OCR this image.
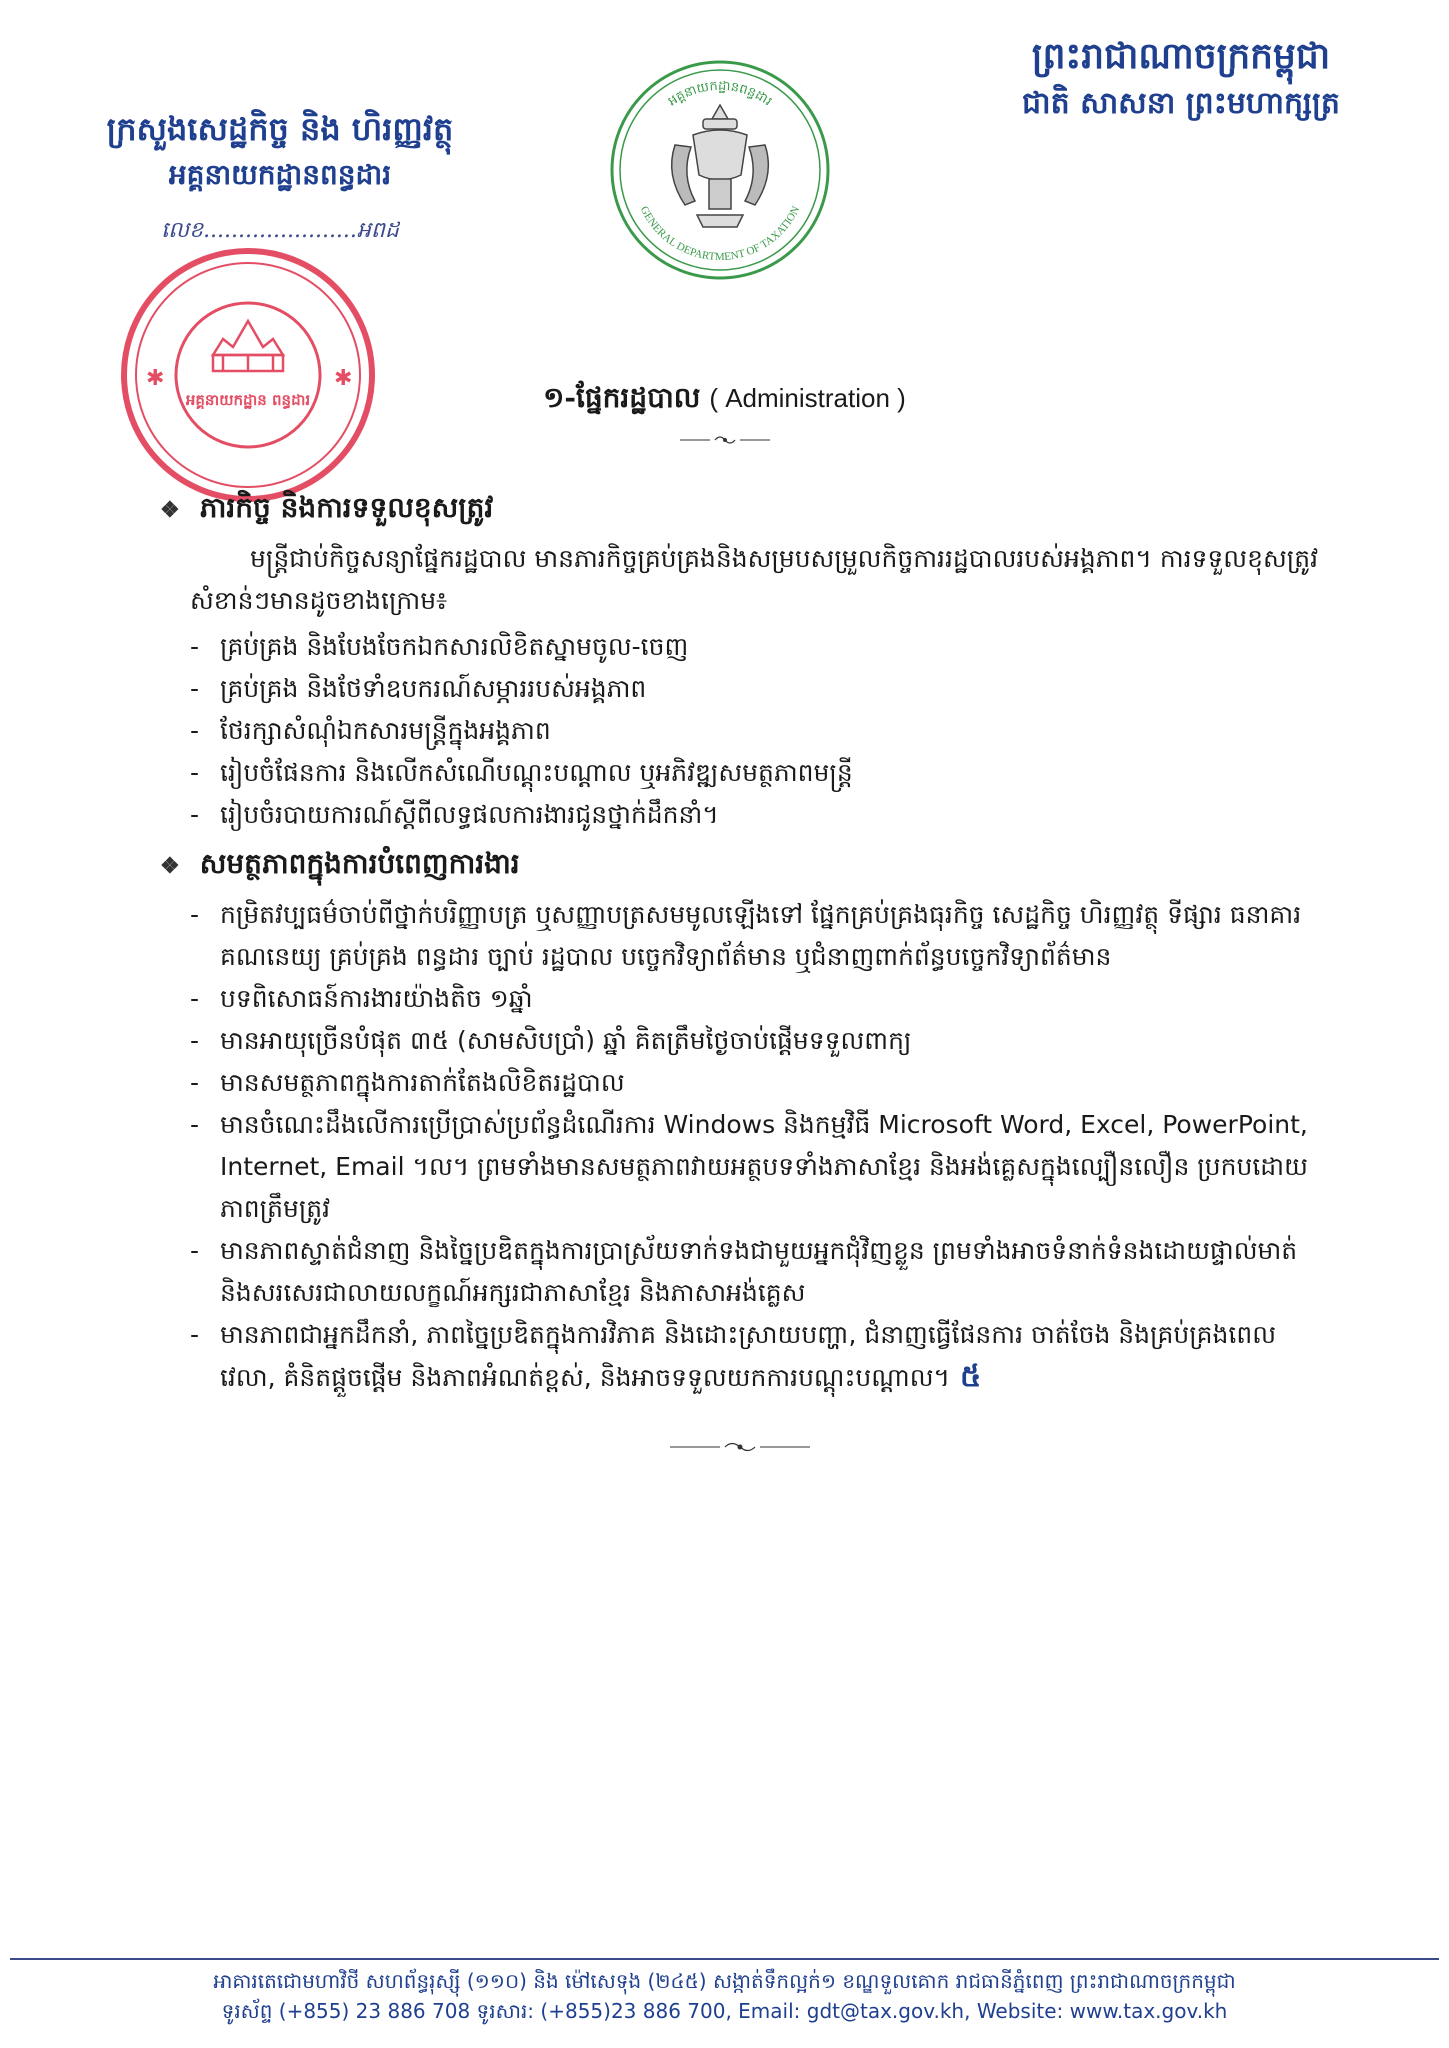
ព្រះរាជាណាចក្រកម្ពុជា
ជាតិ សាសនា ព្រះមហាក្សត្រ
ក្រសួងសេដ្ឋកិច្ច និង ហិរញ្ញវត្ថុ
អគ្គនាយកដ្ឋានពន្ធដារ
លេខ......................អពដ
អគ្គនាយកដ្ឋានពន្ធដារ
GENERAL DEPARTMENT OF TAXATION
✱	✱
អគ្គនាយកដ្ឋាន ពន្ធដារ	១-ផ្នែករដ្ឋបាល ( Administration )
❖ ភារកិច្ច និងការទទួលខុសត្រូវ

មន្ត្រីជាប់កិច្ចសន្យាផ្នែករដ្ឋបាល មានភារកិច្ចគ្រប់គ្រងនិងសម្របសម្រួលកិច្ចការរដ្ឋបាលរបស់អង្គភាព។ ការទទួលខុសត្រូវសំខាន់ៗមានដូចខាងក្រោម៖

- គ្រប់គ្រង និងបែងចែកឯកសារលិខិតស្នាមចូល-ចេញ
- គ្រប់គ្រង និងថែទាំឧបករណ៍សម្ភាររបស់អង្គភាព
- ថែរក្សាសំណុំឯកសារមន្ត្រីក្នុងអង្គភាព
- រៀបចំផែនការ និងលើកសំណើបណ្តុះបណ្តាល ឬអភិវឌ្ឍសមត្ថភាពមន្ត្រី
- រៀបចំរបាយការណ៍ស្តីពីលទ្ធផលការងារជូនថ្នាក់ដឹកនាំ។
❖ សមត្ថភាពក្នុងការបំពេញការងារ
- កម្រិតវប្បធម៌ចាប់ពីថ្នាក់បរិញ្ញាបត្រ ឬសញ្ញាបត្រសមមូលឡើងទៅ ផ្នែកគ្រប់គ្រងធុរកិច្ច សេដ្ឋកិច្ច ហិរញ្ញវត្ថុ ទីផ្សារ ធនាគារ គណនេយ្យ គ្រប់គ្រង ពន្ធដារ ច្បាប់ រដ្ឋបាល បច្ចេកវិទ្យាព័ត៌មាន ឬជំនាញពាក់ព័ន្ធបច្ចេកវិទ្យាព័ត៌មាន
- បទពិសោធន៍ការងារយ៉ាងតិច ១ឆ្នាំ
- មានអាយុច្រើនបំផុត ៣៥ (សាមសិបប្រាំ) ឆ្នាំ គិតត្រឹមថ្ងៃចាប់ផ្តើមទទួលពាក្យ
- មានសមត្ថភាពក្នុងការតាក់តែងលិខិតរដ្ឋបាល
- មានចំណេះដឹងលើការប្រើប្រាស់ប្រព័ន្ធដំណើរការ Windows និងកម្មវិធី Microsoft Word, Excel, PowerPoint, Internet, Email ។ល។ ព្រមទាំងមានសមត្ថភាពវាយអត្ថបទទាំងភាសាខ្មែរ និងអង់គ្លេសក្នុងល្បឿនលឿន ប្រកបដោយភាពត្រឹមត្រូវ
- មានភាពស្ទាត់ជំនាញ និងច្នៃប្រឌិតក្នុងការប្រាស្រ័យទាក់ទងជាមួយអ្នកជុំវិញខ្លួន ព្រមទាំងអាចទំនាក់ទំនងដោយផ្ទាល់មាត់ និងសរសេរជាលាយលក្ខណ៍អក្សរជាភាសាខ្មែរ និងភាសាអង់គ្លេស
- មានភាពជាអ្នកដឹកនាំ, ភាពច្នៃប្រឌិតក្នុងការវិភាគ និងដោះស្រាយបញ្ហា, ជំនាញធ្វើផែនការ ចាត់ចែង និងគ្រប់គ្រងពេលវេលា, គំនិតផ្តួចផ្តើម និងភាពអំណត់ខ្ពស់, និងអាចទទួលយកការបណ្តុះបណ្តាល។ ៥
អាគារតេជោមហាវិថី សហព័ន្ធរុស្ស៊ី (១១០) និង ម៉ៅសេទុង (២៤៥) សង្កាត់ទឹកល្អក់១ ខណ្ឌទួលគោក រាជធានីភ្នំពេញ ព្រះរាជាណាចក្រកម្ពុជា
ទូរស័ព្ទ (+855) 23 886 708 ទូរសារ: (+855)23 886 700, Email: gdt@tax.gov.kh, Website: www.tax.gov.kh
